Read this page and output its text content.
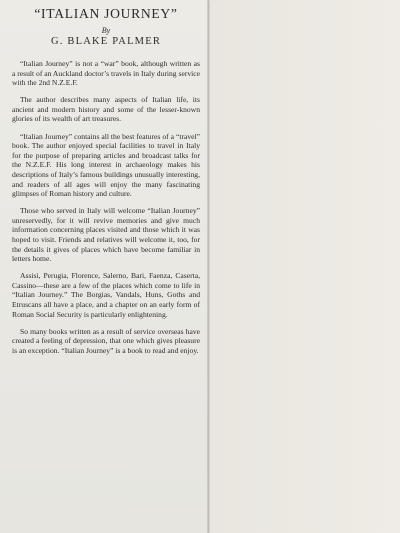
“ITALIAN JOURNEY”
By
G. BLAKE PALMER

“Italian Journey” is not a “war” book, although written as a result of an Auckland doctor’s travels in Italy during service with the 2nd N.Z.E.F.

The author describes many aspects of Italian life, its ancient and modern history and some of the lesser-known glories of its wealth of art treasures.

“Italian Journey” contains all the best features of a “travel” book. The author enjoyed special facilities to travel in Italy for the purpose of preparing articles and broadcast talks for the N.Z.E.F. His long interest in archaeology makes his descriptions of Italy’s famous buildings unusually interesting, and readers of all ages will enjoy the many fascinating glimpses of Roman history and culture.

Those who served in Italy will welcome “Italian Journey” unreservedly, for it will revive memories and give much information concerning places visited and those which it was hoped to visit. Friends and relatives will welcome it, too, for the details it gives of places which have become familiar in letters home.

Assisi, Perugia, Florence, Salerno, Bari, Faenza, Caserta, Cassino—these are a few of the places which come to life in “Italian Journey.” The Borgias, Vandals, Huns, Goths and Etruscans all have a place, and a chapter on an early form of Roman Social Security is particularly enlightening.

So many books written as a result of service overseas have created a feeling of depression, that one which gives pleasure is an exception. “Italian Journey” is a book to read and enjoy.
